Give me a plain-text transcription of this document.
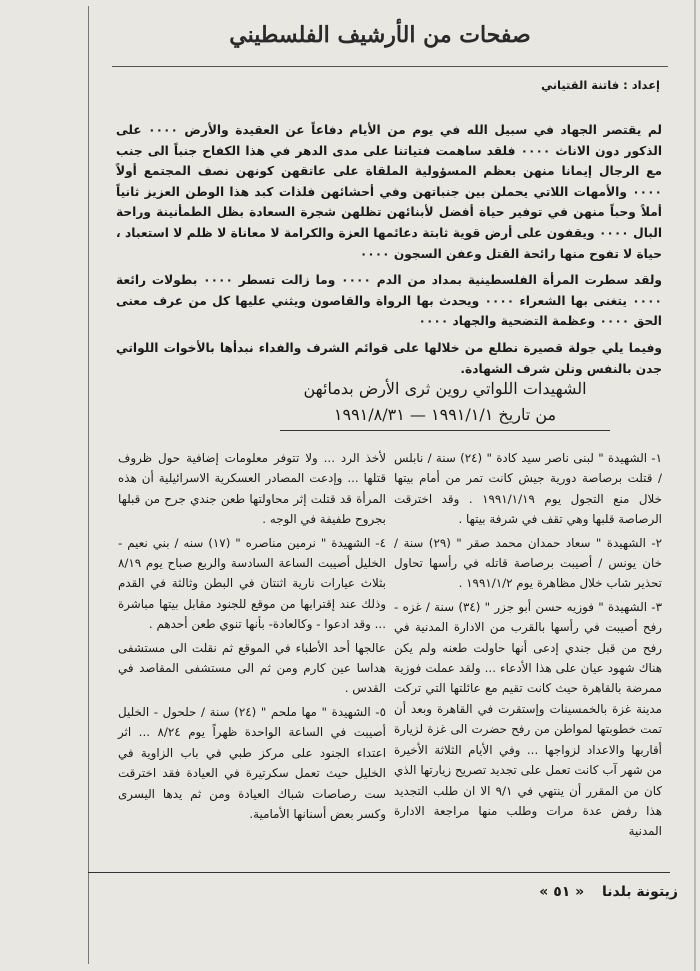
صفحات من الأرشيف الفلسطيني
إعداد : فاتنة القتياني

لم يقتصر الجهاد في سبيل الله في يوم من الأيام دفاعاً عن العقيدة والأرض ٠٠٠٠ على الذكور دون الاناث ٠٠٠٠ فلقد ساهمت فتياتنا على مدى الدهر في هذا الكفاح جنباً الى جنب مع الرجال إيمانا منهن بعظم المسؤولية الملقاة على عاتقهن كونهن نصف المجتمع أولاً ٠٠٠٠ والأمهات اللاتي يحملن بين جنباتهن وفي أحشائهن فلذات كبد هذا الوطن العزيز ثانياً أملاً وحباً منهن في توفير حياة أفضل لأبنائهن تظلهن شجرة السعادة بظل الطمأنينة وراحة البال ٠٠٠٠ ويقفون على أرض قوية ثابتة دعائمها العزة والكرامة لا معاناة لا ظلم لا استعباد ، حياة لا تفوح منها رائحة القتل وعفن السجون ٠٠٠٠

ولقد سطرت المرأة الفلسطينية بمداد من الدم ٠٠٠٠ وما زالت تسطر ٠٠٠٠ بطولات رائعة ٠٠٠٠ يتغنى بها الشعراء ٠٠٠٠ ويحدث بها الرواة والقاصون ويثني عليها كل من عرف معنى الحق ٠٠٠٠ وعظمة التضحية والجهاد ٠٠٠٠

وفيما يلي جولة قصيرة نطلع من خلالها على قوائم الشرف والفداء نبدأها بالأخوات اللواتي جدن بالنفس ونلن شرف الشهادة.

الشهيدات اللواتي روين ثرى الأرض بدمائهن
من تاريخ ١٩٩١/١/١ — ١٩٩١/٨/٣١

١- الشهيدة " لبنى ناصر سيد كادة " (٢٤) سنة / نابلس / قتلت برصاصة دورية جيش كانت تمر من أمام بيتها خلال منع التجول يوم ١٩٩١/١/١٩ . وقد اخترقت الرصاصة قلبها وهي تقف في شرفة بيتها .

٢- الشهيدة " سعاد حمدان محمد صقر " (٢٩) سنة / خان يونس / أصيبت برصاصة قاتله في رأسها تحاول تحذير شاب خلال مظاهرة يوم ١٩٩١/١/٢ .

٣- الشهيدة " فوزيه حسن أبو جزر " (٣٤) سنة / غزه - رفح أصيبت في رأسها بالقرب من الادارة المدنية في رفح من قبل جندي إدعى أنها حاولت طعنه ولم يكن هناك شهود عيان على هذا الأدعاء ... ولقد عملت فوزية ممرضة بالقاهرة حيث كانت تقيم مع عائلتها التي تركت مدينة غزة بالخمسينات وإستقرت في القاهرة وبعد أن تمت خطوبتها لمواطن من رفح حضرت الى غزة لزيارة أقاربها والاعداد لزواجها ... وفي الأيام الثلاثة الأخيرة من شهر آب كانت تعمل على تجديد تصريح زيارتها الذي كان من المقرر أن ينتهي في ٩/١ الا ان طلب التجديد هذا رفض عدة مرات وطلب منها مراجعة الادارة المدنية

لأخذ الرد ... ولا تتوفر معلومات إضافية حول ظروف قتلها ... وإدعت المصادر العسكرية الاسرائيلية أن هذه المرأة قد قتلت إثر محاولتها طعن جندي جرح من قبلها بجروح طفيفة في الوجه .

٤- الشهيدة " نرمين مناصره " (١٧) سنه / بني نعيم - الخليل أصيبت الساعة السادسة والربع صباح يوم ٨/١٩ بثلاث عيارات نارية اثنتان في البطن وثالثة في القدم وذلك عند إقترابها من موقع للجنود مقابل بيتها مباشرة ... وقد ادعوا - وكالعادة- بأنها تنوي طعن أحدهم .

عالجها أحد الأطباء في الموقع ثم نقلت الى مستشفى هداسا عين كارم ومن ثم الى مستشفى المقاصد في القدس .

٥- الشهيدة " مها ملحم " (٢٤) سنة / حلحول - الخليل أصيبت في الساعة الواحدة ظهراً يوم ٨/٢٤ ... اثر اعتداء الجنود على مركز طبي في باب الزاوية في الخليل حيث تعمل سكرتيرة في العيادة فقد اخترقت ست رصاصات شباك العيادة ومن ثم يدها اليسرى وكسر بعض أسنانها الأمامية.

زيتونة بلدنا  « ٥١ »
